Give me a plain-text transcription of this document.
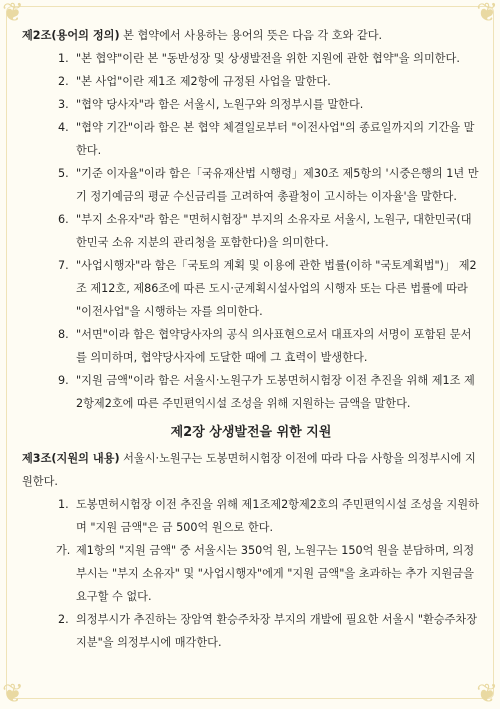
❦	❦
❦	❦

제2조(용어의 정의) 본 협약에서 사용하는 용어의 뜻은 다음 각 호와 같다.

1. "본 협약"이란 본 "동반성장 및 상생발전을 위한 지원에 관한 협약"을 의미한다.

2. "본 사업"이란 제1조 제2항에 규정된 사업을 말한다.

3. "협약 당사자"라 함은 서울시, 노원구와 의정부시를 말한다.

4. "협약 기간"이라 함은 본 협약 체결일로부터 "이전사업"의 종료일까지의 기간을 말한다.

5. "기준 이자율"이라 함은「국유재산법 시행령」제30조 제5항의 '시중은행의 1년 만기 정기예금의 평균 수신금리를 고려하여 총괄청이 고시하는 이자율'을 말한다.

6. "부지 소유자"라 함은 "면허시험장" 부지의 소유자로 서울시, 노원구, 대한민국(대한민국 소유 지분의 관리청을 포함한다)을 의미한다.

7. "사업시행자"라 함은「국토의 계획 및 이용에 관한 법률(이하 "국토계획법")」 제2조 제12호, 제86조에 따른 도시·군계획시설사업의 시행자 또는 다른 법률에 따라 "이전사업"을 시행하는 자를 의미한다.

8. "서면"이라 함은 협약당사자의 공식 의사표현으로서 대표자의 서명이 포함된 문서를 의미하며, 협약당사자에 도달한 때에 그 효력이 발생한다.

9. "지원 금액"이라 함은 서울시·노원구가 도봉면허시험장 이전 추진을 위해 제1조 제2항제2호에 따른 주민편익시설 조성을 위해 지원하는 금액을 말한다.

제2장 상생발전을 위한 지원

제3조(지원의 내용) 서울시·노원구는 도봉면허시험장 이전에 따라 다음 사항을 의정부시에 지원한다.

1. 도봉면허시험장 이전 추진을 위해 제1조제2항제2호의 주민편익시설 조성을 지원하며 "지원 금액"은 금 500억 원으로 한다.

가. 제1항의 "지원 금액" 중 서울시는 350억 원, 노원구는 150억 원을 분담하며, 의정부시는 "부지 소유자" 및 "사업시행자"에게 "지원 금액"을 초과하는 추가 지원금을 요구할 수 없다.

2. 의정부시가 추진하는 장암역 환승주차장 부지의 개발에 필요한 서울시 "환승주차장 지분"을 의정부시에 매각한다.
